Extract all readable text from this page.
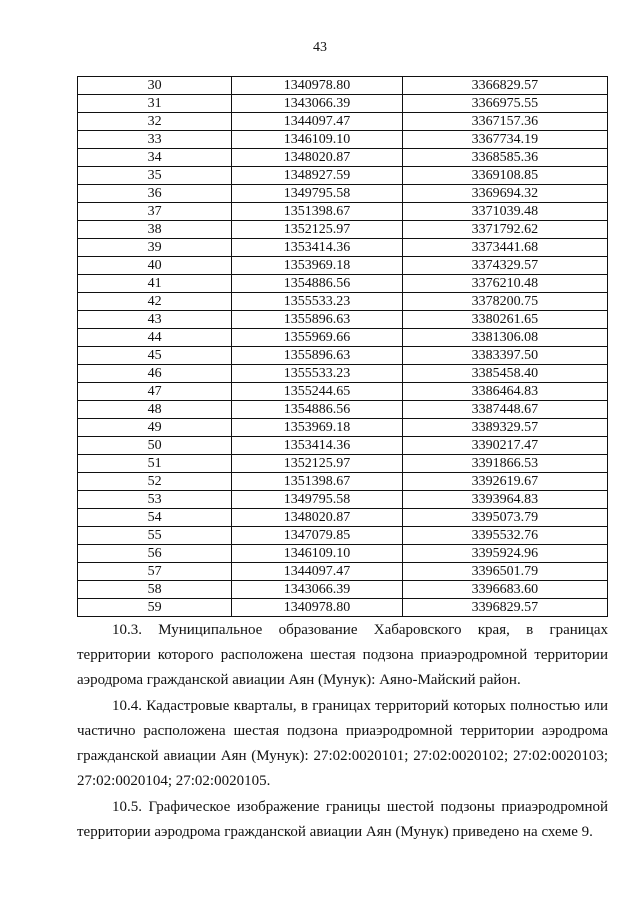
43
30	1340978.80	3366829.57
31	1343066.39	3366975.55
32	1344097.47	3367157.36
33	1346109.10	3367734.19
34	1348020.87	3368585.36
35	1348927.59	3369108.85
36	1349795.58	3369694.32
37	1351398.67	3371039.48
38	1352125.97	3371792.62
39	1353414.36	3373441.68
40	1353969.18	3374329.57
41	1354886.56	3376210.48
42	1355533.23	3378200.75
43	1355896.63	3380261.65
44	1355969.66	3381306.08
45	1355896.63	3383397.50
46	1355533.23	3385458.40
47	1355244.65	3386464.83
48	1354886.56	3387448.67
49	1353969.18	3389329.57
50	1353414.36	3390217.47
51	1352125.97	3391866.53
52	1351398.67	3392619.67
53	1349795.58	3393964.83
54	1348020.87	3395073.79
55	1347079.85	3395532.76
56	1346109.10	3395924.96
57	1344097.47	3396501.79
58	1343066.39	3396683.60
59	1340978.80	3396829.57

10.3. Муниципальное образование Хабаровского края, в границах территории которого расположена шестая подзона приаэродромной территории аэродрома гражданской авиации Аян (Мунук): Аяно-Майский район.

10.4. Кадастровые кварталы, в границах территорий которых полностью или частично расположена шестая подзона приаэродромной территории аэродрома гражданской авиации Аян (Мунук): 27:02:0020101; 27:02:0020102; 27:02:0020103; 27:02:0020104; 27:02:0020105.

10.5. Графическое изображение границы шестой подзоны приаэродромной территории аэродрома гражданской авиации Аян (Мунук) приведено на схеме 9.
